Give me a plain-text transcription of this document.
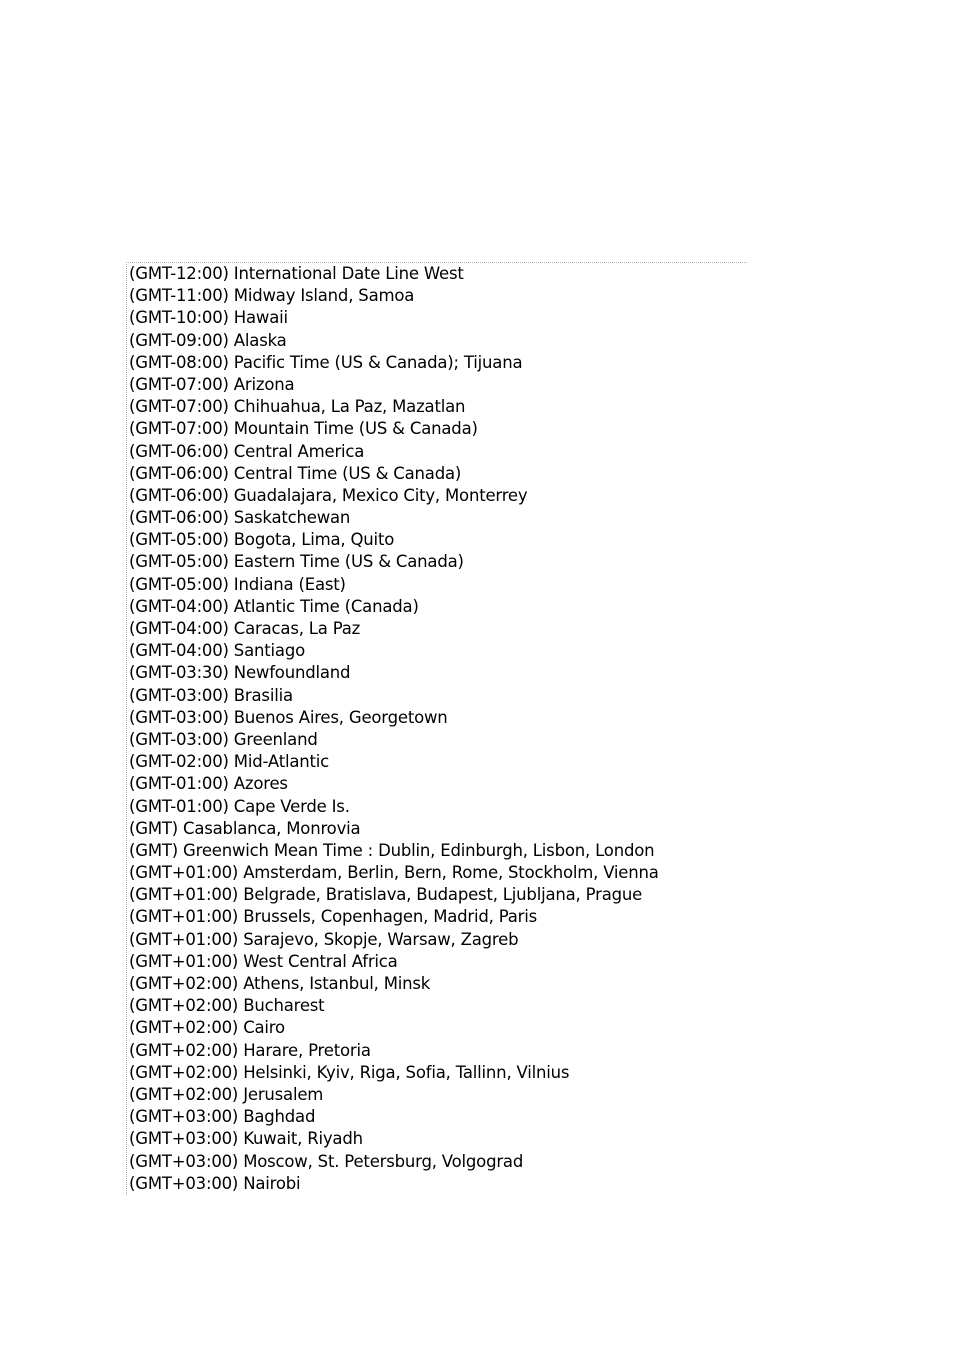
(GMT-12:00) International Date Line West
(GMT-11:00) Midway Island, Samoa
(GMT-10:00) Hawaii
(GMT-09:00) Alaska
(GMT-08:00) Pacific Time (US & Canada); Tijuana
(GMT-07:00) Arizona
(GMT-07:00) Chihuahua, La Paz, Mazatlan
(GMT-07:00) Mountain Time (US & Canada)
(GMT-06:00) Central America
(GMT-06:00) Central Time (US & Canada)
(GMT-06:00) Guadalajara, Mexico City, Monterrey
(GMT-06:00) Saskatchewan
(GMT-05:00) Bogota, Lima, Quito
(GMT-05:00) Eastern Time (US & Canada)
(GMT-05:00) Indiana (East)
(GMT-04:00) Atlantic Time (Canada)
(GMT-04:00) Caracas, La Paz
(GMT-04:00) Santiago
(GMT-03:30) Newfoundland
(GMT-03:00) Brasilia
(GMT-03:00) Buenos Aires, Georgetown
(GMT-03:00) Greenland
(GMT-02:00) Mid-Atlantic
(GMT-01:00) Azores
(GMT-01:00) Cape Verde Is.
(GMT) Casablanca, Monrovia
(GMT) Greenwich Mean Time : Dublin, Edinburgh, Lisbon, London
(GMT+01:00) Amsterdam, Berlin, Bern, Rome, Stockholm, Vienna
(GMT+01:00) Belgrade, Bratislava, Budapest, Ljubljana, Prague
(GMT+01:00) Brussels, Copenhagen, Madrid, Paris
(GMT+01:00) Sarajevo, Skopje, Warsaw, Zagreb
(GMT+01:00) West Central Africa
(GMT+02:00) Athens, Istanbul, Minsk
(GMT+02:00) Bucharest
(GMT+02:00) Cairo
(GMT+02:00) Harare, Pretoria
(GMT+02:00) Helsinki, Kyiv, Riga, Sofia, Tallinn, Vilnius
(GMT+02:00) Jerusalem
(GMT+03:00) Baghdad
(GMT+03:00) Kuwait, Riyadh
(GMT+03:00) Moscow, St. Petersburg, Volgograd
(GMT+03:00) Nairobi
